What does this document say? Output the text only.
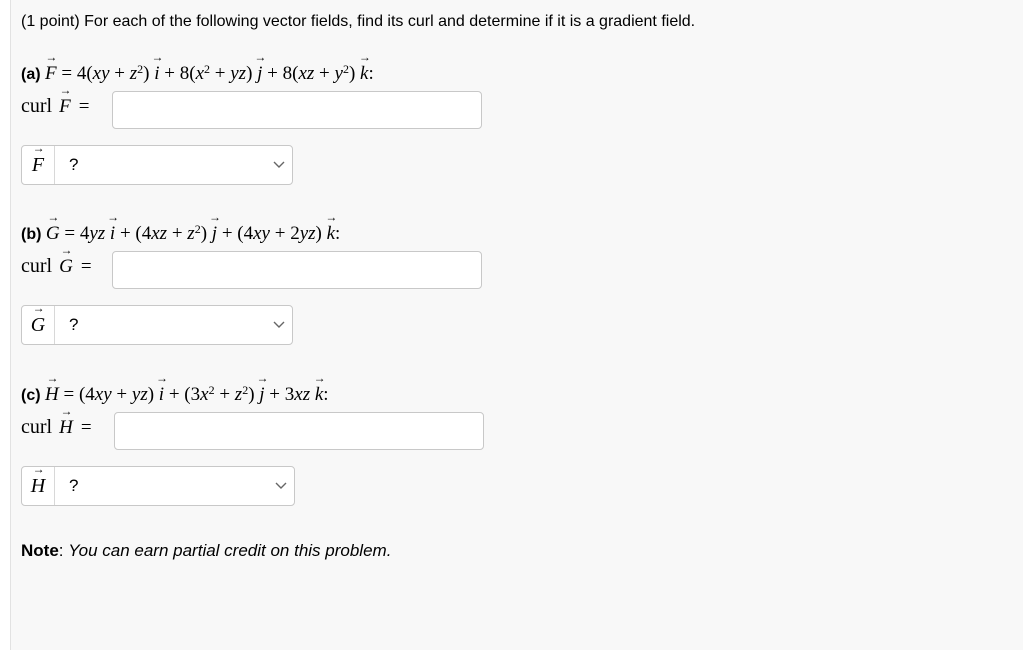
(1 point) For each of the following vector fields, find its curl and determine if it is a gradient field.
$(a) \to F = 4(xy + z^2) \to i + 8(x^2 + yz) \to j + 8(xz + y^2) \to k$:
curl → F =
→ F	?
$(b) \to G = 4yz \to i + (4xz + z^2) \to j + (4xy + 2yz) \to k$:
curl → G =
→ G	?
$(c) \to H = (4xy + yz) \to i + (3x^2 + z^2) \to j + 3xz \to k$:
curl → H =
→ H	?
Note: You can earn partial credit on this problem.
